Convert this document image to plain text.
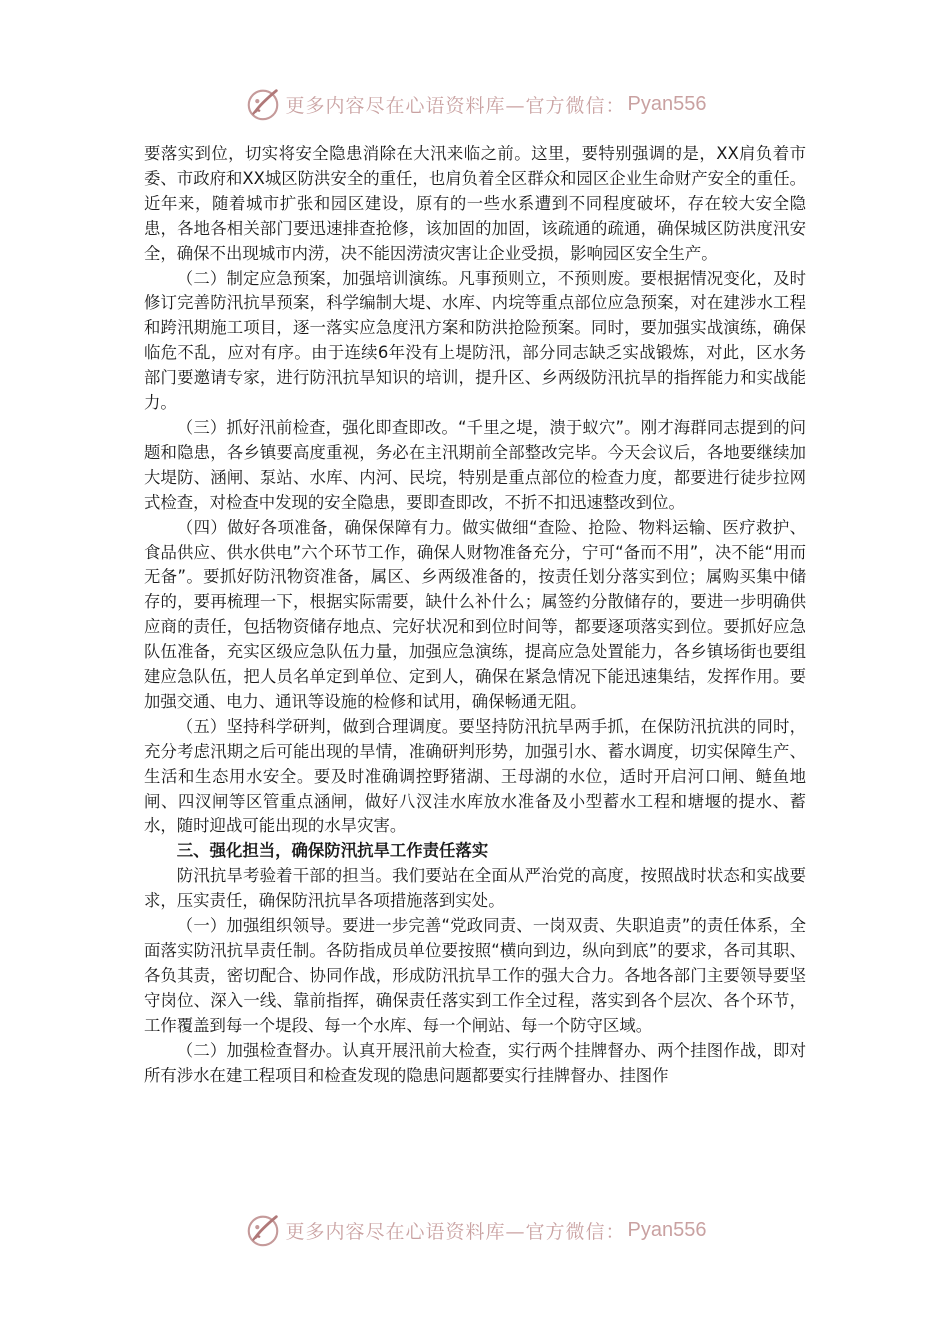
更多内容尽在心语资料库—官方微信： Pyan556

要落实到位，切实将安全隐患消除在大汛来临之前。这里，要特别强调的是，XX肩负着市委、市政府和XX城区防洪安全的重任，也肩负着全区群众和园区企业生命财产安全的重任。近年来，随着城市扩张和园区建设，原有的一些水系遭到不同程度破坏，存在较大安全隐患，各地各相关部门要迅速排查抢修，该加固的加固，该疏通的疏通，确保城区防洪度汛安全，确保不出现城市内涝，决不能因涝渍灾害让企业受损，影响园区安全生产。

（二）制定应急预案，加强培训演练。凡事预则立，不预则废。要根据情况变化，及时修订完善防汛抗旱预案，科学编制大堤、水库、内垸等重点部位应急预案，对在建涉水工程和跨汛期施工项目，逐一落实应急度汛方案和防洪抢险预案。同时，要加强实战演练，确保临危不乱，应对有序。由于连续6年没有上堤防汛，部分同志缺乏实战锻炼，对此，区水务部门要邀请专家，进行防汛抗旱知识的培训，提升区、乡两级防汛抗旱的指挥能力和实战能力。

（三）抓好汛前检查，强化即查即改。“千里之堤，溃于蚁穴”。刚才海群同志提到的问题和隐患，各乡镇要高度重视，务必在主汛期前全部整改完毕。今天会议后，各地要继续加大堤防、涵闸、泵站、水库、内河、民垸，特别是重点部位的检查力度，都要进行徒步拉网式检查，对检查中发现的安全隐患，要即查即改，不折不扣迅速整改到位。

（四）做好各项准备，确保保障有力。做实做细“查险、抢险、物料运输、医疗救护、食品供应、供水供电”六个环节工作，确保人财物准备充分，宁可“备而不用”，决不能“用而无备”。要抓好防汛物资准备，属区、乡两级准备的，按责任划分落实到位；属购买集中储存的，要再梳理一下，根据实际需要，缺什么补什么；属签约分散储存的，要进一步明确供应商的责任，包括物资储存地点、完好状况和到位时间等，都要逐项落实到位。要抓好应急队伍准备，充实区级应急队伍力量，加强应急演练，提高应急处置能力，各乡镇场街也要组建应急队伍，把人员名单定到单位、定到人，确保在紧急情况下能迅速集结，发挥作用。要加强交通、电力、通讯等设施的检修和试用，确保畅通无阻。

（五）坚持科学研判，做到合理调度。要坚持防汛抗旱两手抓，在保防汛抗洪的同时，充分考虑汛期之后可能出现的旱情，准确研判形势，加强引水、蓄水调度，切实保障生产、生活和生态用水安全。要及时准确调控野猪湖、王母湖的水位，适时开启河口闸、鲢鱼地闸、四汊闸等区管重点涵闸，做好八汊洼水库放水准备及小型蓄水工程和塘堰的提水、蓄水，随时迎战可能出现的水旱灾害。

三、强化担当，确保防汛抗旱工作责任落实

防汛抗旱考验着干部的担当。我们要站在全面从严治党的高度，按照战时状态和实战要求，压实责任，确保防汛抗旱各项措施落到实处。

（一）加强组织领导。要进一步完善“党政同责、一岗双责、失职追责”的责任体系，全面落实防汛抗旱责任制。各防指成员单位要按照“横向到边，纵向到底”的要求，各司其职、各负其责，密切配合、协同作战，形成防汛抗旱工作的强大合力。各地各部门主要领导要坚守岗位、深入一线、靠前指挥，确保责任落实到工作全过程，落实到各个层次、各个环节，工作覆盖到每一个堤段、每一个水库、每一个闸站、每一个防守区域。

（二）加强检查督办。认真开展汛前大检查，实行两个挂牌督办、两个挂图作战，即对所有涉水在建工程项目和检查发现的隐患问题都要实行挂牌督办、挂图作

更多内容尽在心语资料库—官方微信： Pyan556
